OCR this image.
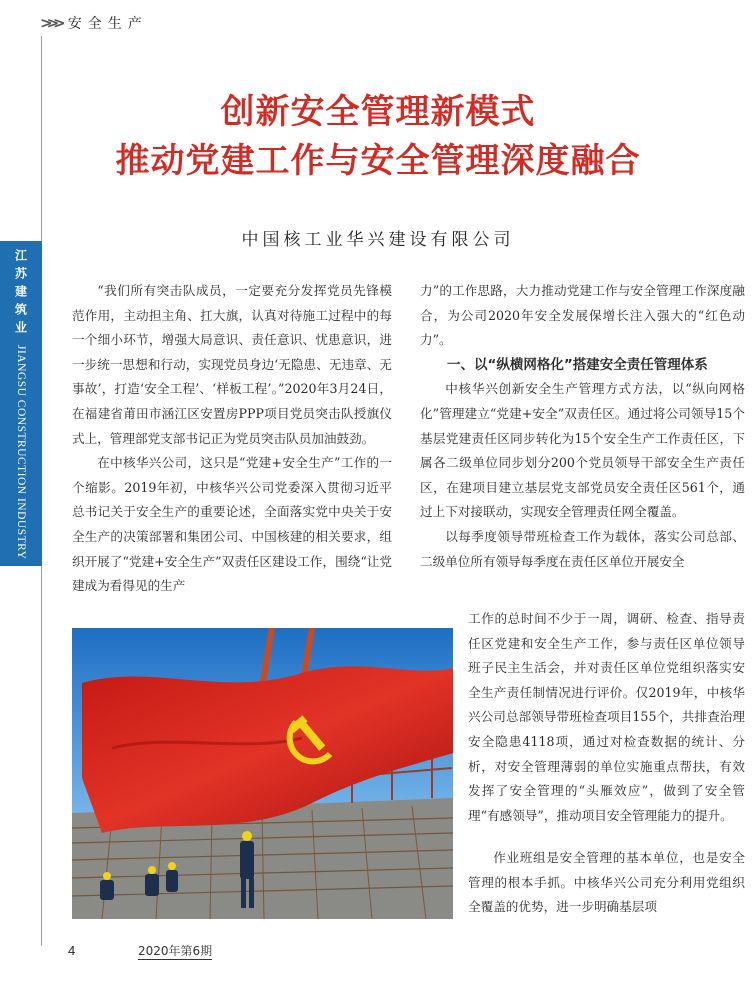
>>> 安全生产
江苏建筑业
JIANGSU CONSTRUCTION INDUSTRY
创新安全管理新模式
推动党建工作与安全管理深度融合
中国核工业华兴建设有限公司

“我们所有突击队成员，一定要充分发挥党员先锋模范作用，主动担主角、扛大旗，认真对待施工过程中的每一个细小环节，增强大局意识、责任意识、忧患意识，进一步统一思想和行动，实现党员身边‘无隐患、无违章、无事故’，打造‘安全工程’、‘样板工程’。”2020年3月24日，在福建省莆田市涵江区安置房PPP项目党员突击队授旗仪式上，管理部党支部书记正为党员突击队员加油鼓劲。

在中核华兴公司，这只是“党建+安全生产”工作的一个缩影。2019年初，中核华兴公司党委深入贯彻习近平总书记关于安全生产的重要论述，全面落实党中央关于安全生产的决策部署和集团公司、中国核建的相关要求，组织开展了“党建+安全生产”双责任区建设工作，围绕“让党建成为看得见的生产

力”的工作思路，大力推动党建工作与安全管理工作深度融合，为公司2020年安全发展保增长注入强大的“红色动力”。

一、以“纵横网格化”搭建安全责任管理体系

中核华兴创新安全生产管理方式方法，以“纵向网格化”管理建立“党建+安全”双责任区。通过将公司领导15个基层党建责任区同步转化为15个安全生产工作责任区，下属各二级单位同步划分200个党员领导干部安全生产责任区，在建项目建立基层党支部党员安全责任区561个，通过上下对接联动，实现安全管理责任网全覆盖。

以每季度领导带班检查工作为载体，落实公司总部、二级单位所有领导每季度在责任区单位开展安全

工作的总时间不少于一周，调研、检查、指导责任区党建和安全生产工作，参与责任区单位领导班子民主生活会，并对责任区单位党组织落实安全生产责任制情况进行评价。仅2019年，中核华兴公司总部领导带班检查项目155个，共排查治理安全隐患4118项，通过对检查数据的统计、分析，对安全管理薄弱的单位实施重点帮扶，有效发挥了安全管理的“头雁效应”，做到了安全管理“有感领导”，推动项目安全管理能力的提升。

作业班组是安全管理的基本单位，也是安全管理的根本手抓。中核华兴公司充分利用党组织全覆盖的优势，进一步明确基层项

4	2020年第6期
